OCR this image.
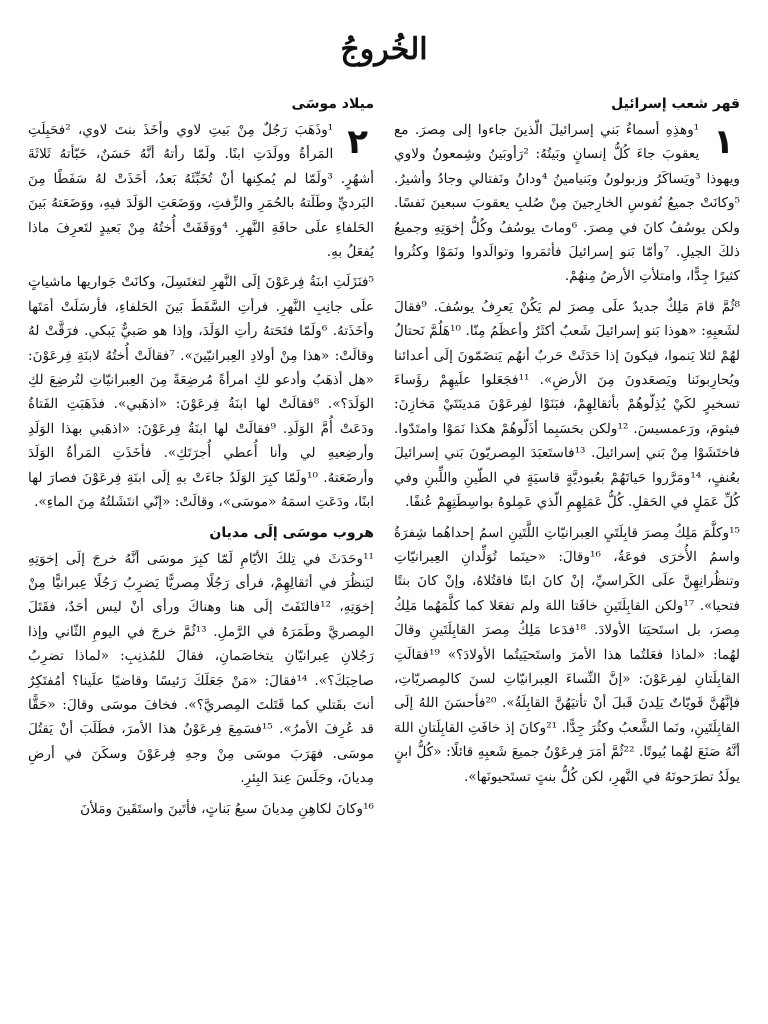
الخُروجُ
قهر شعب إسرائيل
١

¹وهذِهِ أسماءُ بَني إسرائيلَ الّذينَ جاءوا إلى مِصرَ. مع يعقوبَ جاءَ كُلُّ إنسانٍ وبَيتُهُ: ²رَأوبَينُ وشِمعونُ ولاوي ويهوذا ³ويَساكَرُ وزبولونُ وبَنيامينُ ⁴ودانُ ونَفتالي وجادُ وأشيرُ. ⁵وكانَتْ جميعُ نُفوسِ الخارِجينَ مِنْ صُلبِ يعقوبَ سبعينَ نَفسًا. ولكن يوسُفُ كانَ في مِصرَ. ⁶وماتَ يوسُفُ وكُلُّ إخوَتِهِ وجميعُ ذلكَ الجيلِ. ⁷وأمّا بَنو إسرائيلَ فأثمَروا وتوالَدوا ونَمَوْا وكثُروا كثيرًا جِدًّا، وامتلأتِ الأرضُ مِنهُمْ.

⁸ثُمَّ قامَ مَلِكٌ جديدٌ علَى مِصرَ لم يَكُنْ يَعرِفُ يوسُفَ. ⁹فقالَ لشَعبِهِ: «هوذا بَنو إسرائيلَ شَعبٌ أكثَرُ وأعظَمُ مِنّا. ¹⁰هَلُمَّ نَحتالُ لهُمْ لئلا يَنموا، فيكونَ إذا حَدَثَتْ حَربٌ أنهُم يَنضَمّونَ إلَى أعدائنا ويُحارِبونَنا ويَصعَدونَ مِنَ الأرضِ». ¹¹فجَعَلوا علَيهِمْ رؤَساءَ تسخيرٍ لكَيْ يُذِلّوهُمْ بأثقالِهِمْ، فبَنَوْا لفِرعَوْنَ مَدينَتَيْ مَخازِنَ: فيثومَ، ورَعمسيسَ. ¹²ولكن بحَسَبِما أذَلّوهُمْ هكذا نَمَوْا وامتَدّوا. فاختَشَوْا مِنْ بَني إسرائيلَ. ¹³فاستَعبَدَ المِصريّونَ بَني إسرائيلَ بعُنفٍ، ¹⁴ومَرَّروا حَياتَهُمْ بعُبوديَّةٍ قاسيَةٍ في الطّينِ واللِّبنِ وفي كُلِّ عَمَلٍ في الحَقلِ. كُلُّ عَمَلِهِمِ الّذي عَمِلوهُ بواسِطَتِهِمْ عُنفًا.

¹⁵وكلَّمَ مَلِكُ مِصرَ قابِلَتَيِ العِبرانيّاتِ اللَّتَينِ اسمُ إحداهُما شِفرَةُ واسمُ الأُخرَى فوعَةُ، ¹⁶وقالَ: «حينَما تُوَلِّدانِ العِبرانيّاتِ وتنظُرانِهِنَّ علَى الكَراسيِّ، إنْ كانَ ابنًا فاقتُلاهُ، وإنْ كانَ بنتًا فتحيا». ¹⁷ولكن القابِلَتَينِ خافَتا اللهَ ولم تفعَلا كما كلَّمَهُما مَلِكُ مِصرَ، بل استَحيَتا الأولادَ. ¹⁸فدَعا مَلِكُ مِصرَ القابِلَتَينِ وقالَ لهُما: «لماذا فعَلتُما هذا الأمرَ واستَحيَيتُما الأولادَ؟» ¹⁹فقالَتِ القابِلَتانِ لفِرعَوْنَ: «إنَّ النِّساءَ العِبرانيّاتِ لسنَ كالمِصريّاتِ، فإنَّهُنَّ قَويّاتٌ يَلِدنَ قَبلَ أنْ تأتيَهُنَّ القابِلَةُ». ²⁰فأحسَنَ اللهُ إلَى القابِلَتَينِ، ونَما الشَّعبُ وكثُرَ جِدًّا. ²¹وكانَ إذ خافَتِ القابِلَتانِ اللهَ أنَّهُ صَنَعَ لهُما بُيوتًا. ²²ثُمَّ أمَرَ فِرعَوْنُ جميعَ شَعبِهِ قائلًا: «كُلُّ ابنٍ يولَدُ تطرَحونَهُ في النَّهرِ، لكن كُلُّ بنتٍ تستَحيونَها».

ميلاد موسَى
٢

¹وذَهَبَ رَجُلٌ مِنْ بَيتِ لاوي وأخَذَ بنتَ لاوي، ²فحَبِلَتِ المَرأةُ وولَدَتِ ابنًا. ولَمّا رأتهُ أنَّهُ حَسَنٌ، خَبّأتهُ ثَلاثَةَ أشهُرٍ. ³ولَمّا لم يُمكِنها أنْ تُخَبِّئَهُ بَعدُ، أخَذَتْ لهُ سَفَطًا مِنَ البَرديِّ وطَلَتهُ بالحُمَرِ والزِّفتِ، ووَضَعَتِ الوَلَدَ فيهِ، ووَضَعَتهُ بَينَ الحَلفاءِ علَى حافَةِ النَّهرِ. ⁴ووَقَفَتْ أُختُهُ مِنْ بَعيدٍ لتَعرِفَ ماذا يُفعَلُ بهِ.

⁵فنَزَلَتِ ابنَةُ فِرعَوْنَ إلَى النَّهرِ لتغتَسِلَ، وكانَتْ جَواريها ماشياتٍ علَى جانِبِ النَّهرِ. فرأتِ السَّفَطَ بَينَ الحَلفاءِ، فأرسَلَتْ أمَتَها وأخَذَتهُ. ⁶ولَمّا فتَحَتهُ رأتِ الوَلَدَ، وإذا هو صَبيٌّ يَبكي. فرَقَّتْ لهُ وقالَتْ: «هذا مِنْ أولادِ العِبرانيّينَ». ⁷فقالَتْ أُختُهُ لابنَةِ فِرعَوْنَ: «هل أذهَبُ وأدعو لكِ امرأةً مُرضِعَةً مِنَ العِبرانيّاتِ لتُرضِعَ لكِ الوَلَدَ؟». ⁸فقالَتْ لها ابنَةُ فِرعَوْنَ: «اذهَبي». فذَهَبَتِ الفَتاةُ ودَعَتْ أُمَّ الوَلَدِ. ⁹فقالَتْ لها ابنَةُ فِرعَوْنَ: «اذهَبي بهذا الوَلَدِ وأرضِعيهِ لي وأنا أُعطي أُجرَتَكِ». فأخَذَتِ المَرأةُ الوَلَدَ وأرضَعَتهُ. ¹⁰ولَمّا كبِرَ الوَلَدُ جاءَتْ بهِ إلَى ابنَةِ فِرعَوْنَ فصارَ لها ابنًا، ودَعَتِ اسمَهُ «موسَى»، وقالَتْ: «إنّي انتَشَلتُهُ مِنَ الماءِ».

هروب موسَى إلَى مديان

¹¹وحَدَثَ في تِلكَ الأيّامِ لَمّا كبِرَ موسَى أنَّهُ خرجَ إلَى إخوَتِهِ ليَنظُرَ في أثقالِهِمْ، فرأى رَجُلًا مِصريًّا يَضرِبُ رَجُلًا عِبرانيًّا مِنْ إخوَتِهِ، ¹²فالتَفَتَ إلَى هنا وهناكَ ورأى أنْ ليس أحَدٌ، فقَتَلَ المِصريَّ وطَمَرَهُ في الرَّملِ. ¹³ثُمَّ خرجَ في اليومِ الثّاني وإذا رَجُلانِ عِبرانيّانِ يتخاصَمانِ، فقالَ للمُذنِبِ: «لماذا تضرِبُ صاحِبَكَ؟». ¹⁴فقالَ: «مَنْ جَعَلَكَ رَئيسًا وقاضيًا علَينا؟ أمُفتَكِرٌ أنتَ بقَتلي كما قَتَلتَ المِصريَّ؟». فخافَ موسَى وقالَ: «حَقًّا قد عُرِفَ الأمرُ». ¹⁵فسَمِعَ فِرعَوْنُ هذا الأمرَ، فطَلَبَ أنْ يَقتُلَ موسَى. فهَرَبَ موسَى مِنْ وجهِ فِرعَوْنَ وسكَنَ في أرضِ مِديانَ، وجَلَسَ عِندَ البِئرِ.

¹⁶وكانَ لكاهِنِ مِديانَ سبعُ بَناتٍ، فأتَينَ واستَقَينَ ومَلأنَ
